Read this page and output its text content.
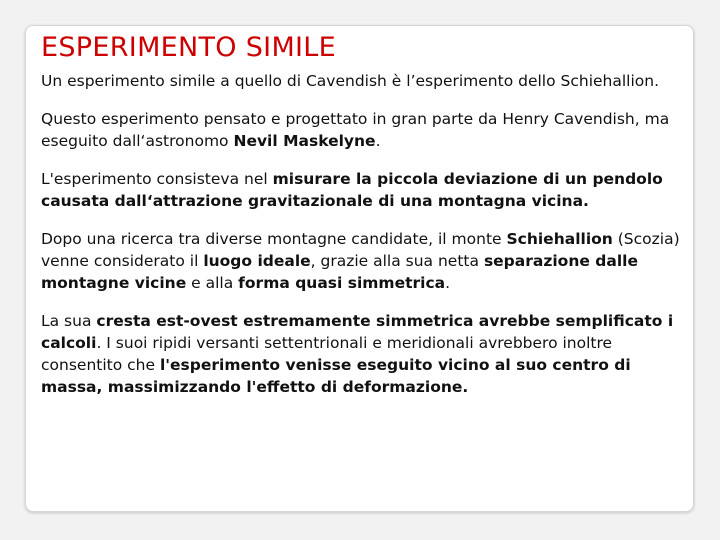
ESPERIMENTO SIMILE

Un esperimento simile a quello di Cavendish è l’esperimento dello Schiehallion.

Questo esperimento pensato e progettato in gran parte da Henry Cavendish, ma eseguito dall‘astronomo Nevil Maskelyne.

L'esperimento consisteva nel misurare la piccola deviazione di un pendolo causata dall‘attrazione gravitazionale di una montagna vicina.

Dopo una ricerca tra diverse montagne candidate, il monte Schiehallion (Scozia) venne considerato il luogo ideale, grazie alla sua netta separazione dalle montagne vicine e alla forma quasi simmetrica.

La sua cresta est-ovest estremamente simmetrica avrebbe semplificato i calcoli. I suoi ripidi versanti settentrionali e meridionali avrebbero inoltre consentito che l'esperimento venisse eseguito vicino al suo centro di massa, massimizzando l'effetto di deformazione.
